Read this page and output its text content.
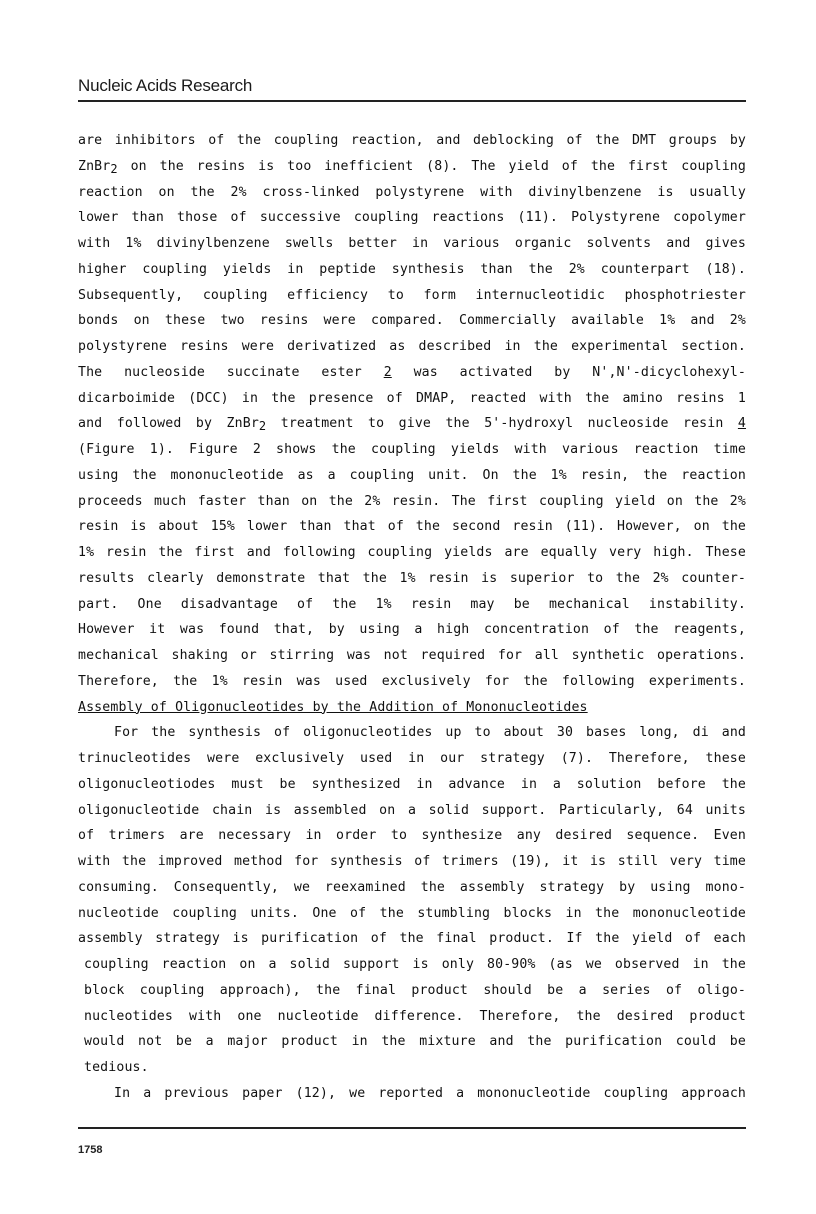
Nucleic Acids Research
are inhibitors of the coupling reaction, and deblocking of the DMT groups by
ZnBr2 on the resins is too inefficient (8). The yield of the first coupling
reaction on the 2% cross-linked polystyrene with divinylbenzene is usually
lower than those of successive coupling reactions (11). Polystyrene copolymer
with 1% divinylbenzene swells better in various organic solvents and gives
higher coupling yields in peptide synthesis than the 2% counterpart (18).
Subsequently, coupling efficiency to form internucleotidic phosphotriester
bonds on these two resins were compared. Commercially available 1% and 2%
polystyrene resins were derivatized as described in the experimental section.
The nucleoside succinate ester 2 was activated by N',N'-dicyclohexyl-
dicarboimide (DCC) in the presence of DMAP, reacted with the amino resins 1
and followed by ZnBr2 treatment to give the 5'-hydroxyl nucleoside resin 4
(Figure 1). Figure 2 shows the coupling yields with various reaction time
using the mononucleotide as a coupling unit. On the 1% resin, the reaction
proceeds much faster than on the 2% resin. The first coupling yield on the 2%
resin is about 15% lower than that of the second resin (11). However, on the
1% resin the first and following coupling yields are equally very high. These
results clearly demonstrate that the 1% resin is superior to the 2% counter-
part. One disadvantage of the 1% resin may be mechanical instability.
However it was found that, by using a high concentration of the reagents,
mechanical shaking or stirring was not required for all synthetic operations.
Therefore, the 1% resin was used exclusively for the following experiments.
Assembly of Oligonucleotides by the Addition of Mononucleotides
For the synthesis of oligonucleotides up to about 30 bases long, di and
trinucleotides were exclusively used in our strategy (7). Therefore, these
oligonucleotiodes must be synthesized in advance in a solution before the
oligonucleotide chain is assembled on a solid support. Particularly, 64 units
of trimers are necessary in order to synthesize any desired sequence. Even
with the improved method for synthesis of trimers (19), it is still very time
consuming. Consequently, we reexamined the assembly strategy by using mono-
nucleotide coupling units. One of the stumbling blocks in the mononucleotide
assembly strategy is purification of the final product. If the yield of each
coupling reaction on a solid support is only 80-90% (as we observed in the
block coupling approach), the final product should be a series of oligo-
nucleotides with one nucleotide difference. Therefore, the desired product
would not be a major product in the mixture and the purification could be
tedious.
In a previous paper (12), we reported a mononucleotide coupling approach
1758
